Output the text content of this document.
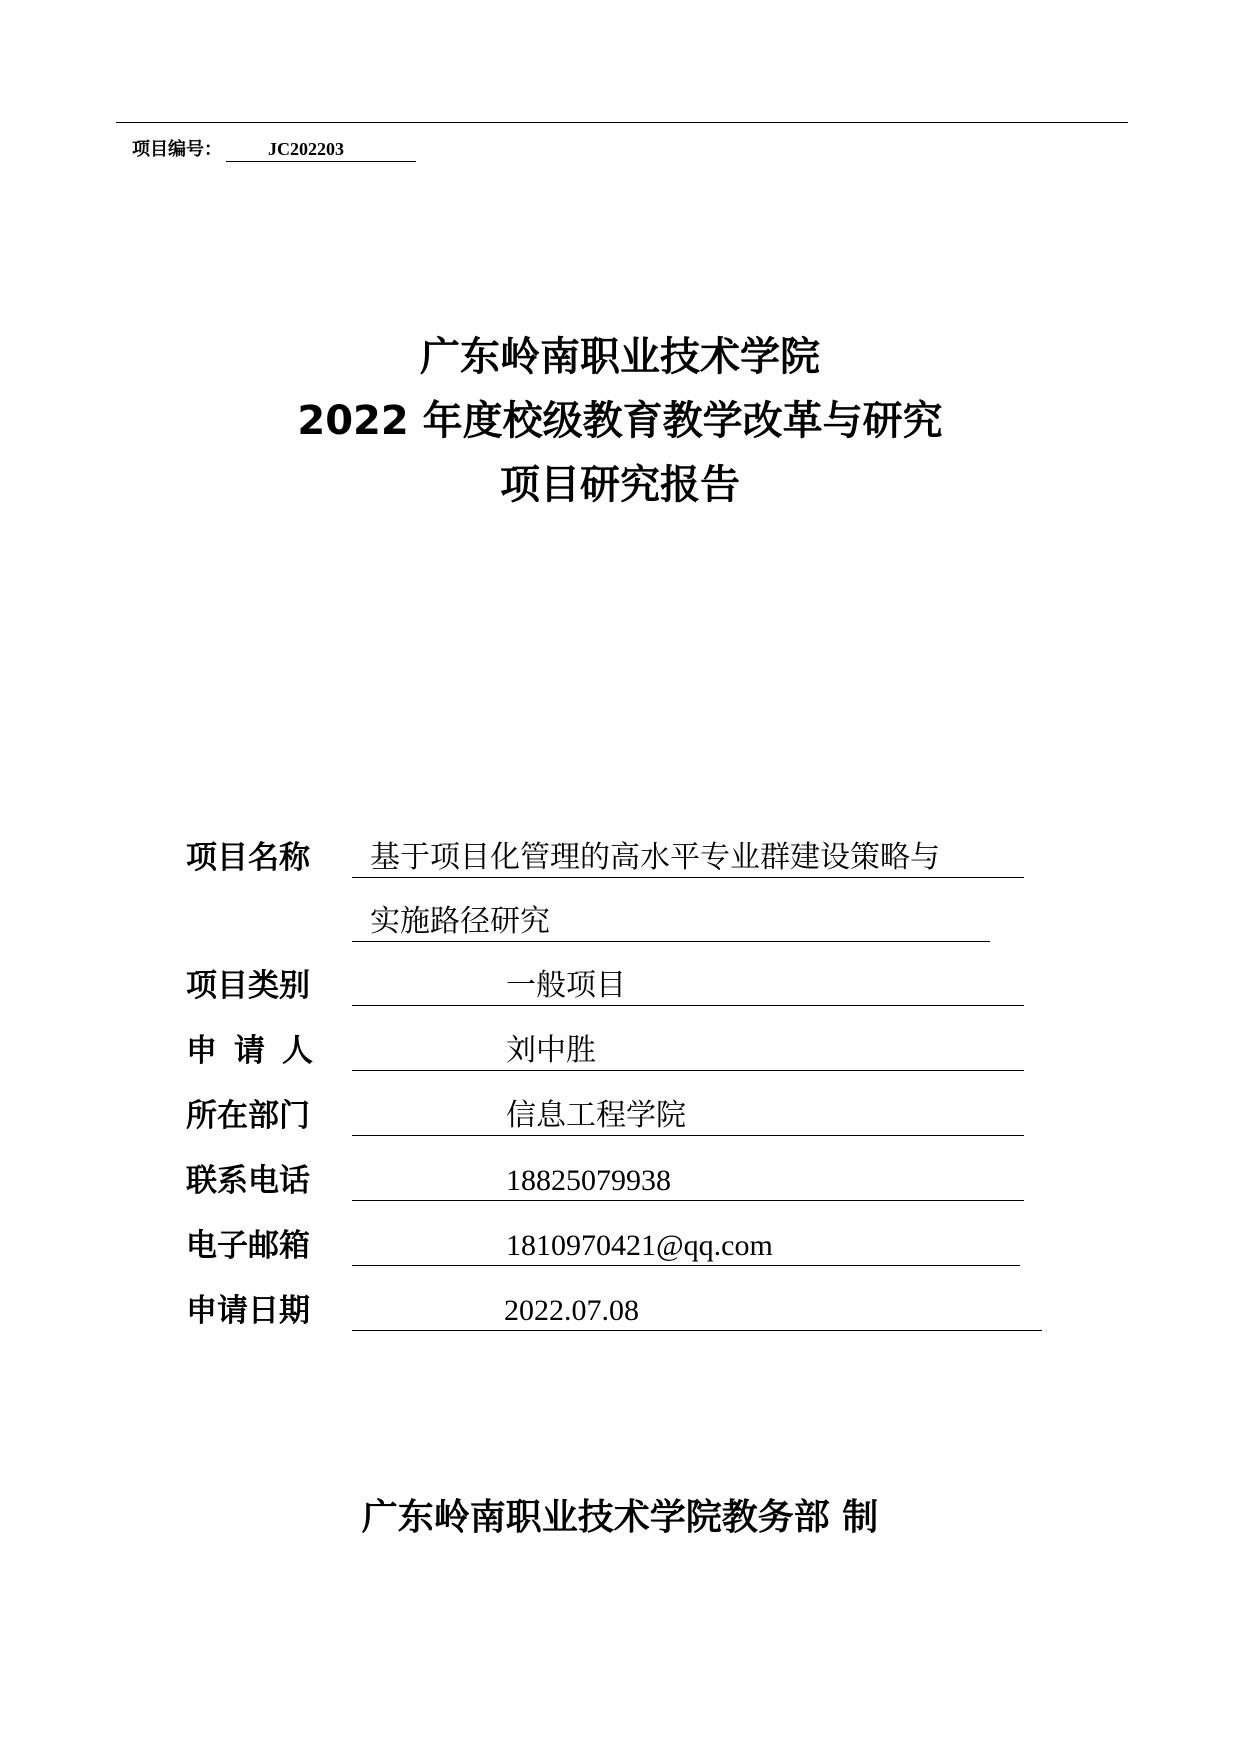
项目编号：	JC202203
广东岭南职业技术学院
2022 年度校级教育教学改革与研究
项目研究报告
项目名称	基于项目化管理的高水平专业群建设策略与
实施路径研究
项目类别	一般项目
申请人	刘中胜
所在部门	信息工程学院
联系电话	18825079938
电子邮箱	1810970421@qq.com
申请日期	2022.07.08
广东岭南职业技术学院教务部 制
